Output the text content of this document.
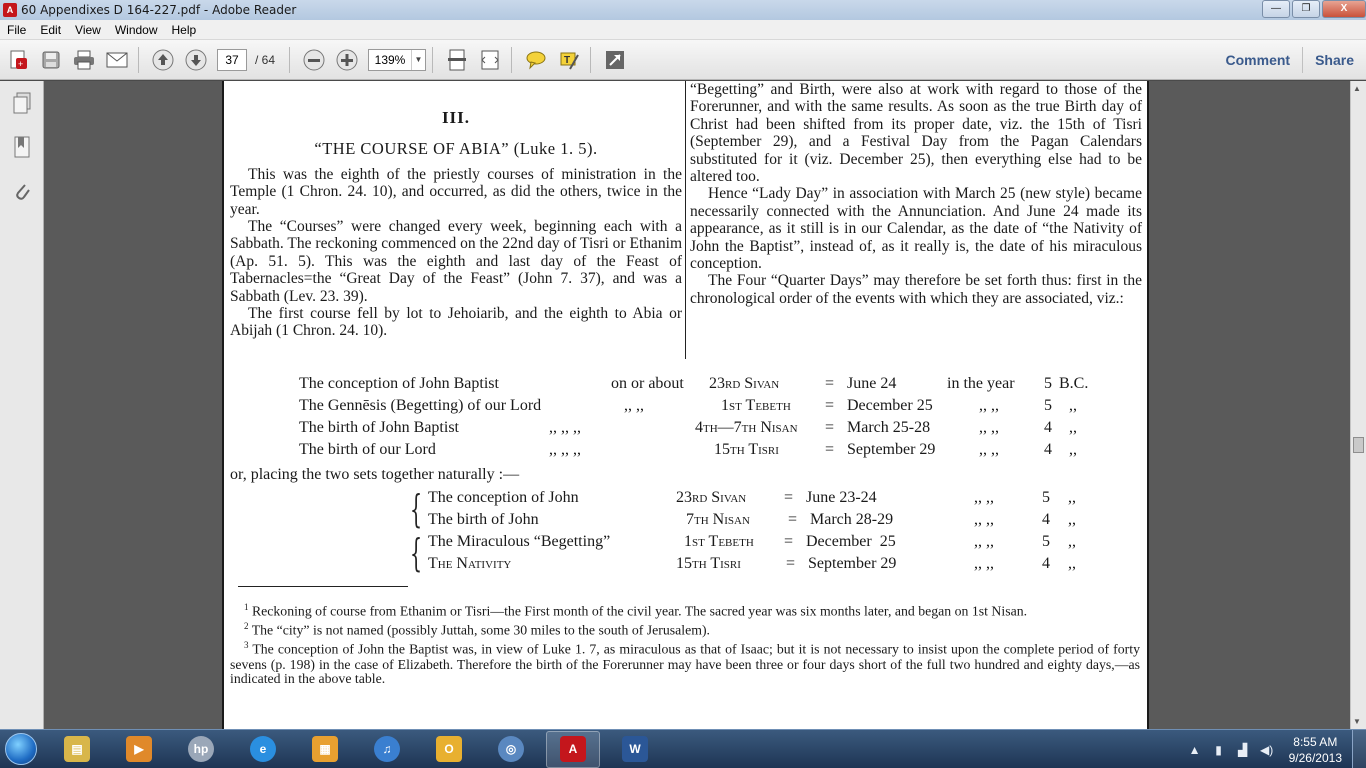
A 60 Appendixes D 164-227.pdf - Adobe Reader	—	❐	X
File	Edit	View	Window	Help
+	37	/ 64	139%	▼	T	Comment	Share
III.
“THE COURSE OF ABIA” (Luke 1. 5).

This was the eighth of the priestly courses of ministration in the Temple (1 Chron. 24. 10), and occurred, as did the others, twice in the year.

The “Courses” were changed every week, beginning each with a Sabbath. The reckoning commenced on the 22nd day of Tisri or Ethanim (Ap. 51. 5). This was the eighth and last day of the Feast of Tabernacles=the “Great Day of the Feast” (John 7. 37), and was a Sabbath (Lev. 23. 39).

The first course fell by lot to Jehoiarib, and the eighth to Abia or Abijah (1 Chron. 24. 10).

“Begetting” and Birth, were also at work with regard to those of the Forerunner, and with the same results. As soon as the true Birth day of Christ had been shifted from its proper date, viz. the 15th of Tisri (September 29), and a Festival Day from the Pagan Calendars substituted for it (viz. December 25), then everything else had to be altered too.

Hence “Lady Day” in association with March 25 (new style) became necessarily connected with the Annunciation. And June 24 made its appearance, as it still is in our Calendar, as the date of “the Nativity of John the Baptist”, instead of, as it really is, the date of his miraculous conception.

The Four “Quarter Days” may therefore be set forth thus: first in the chronological order of the events with which they are associated, viz.:

The conception of John Baptist	on or about 23rd Sivan	= June 24	in the year 5 B.C.
The Gennēsis (Begetting) of our Lord	,, ,,	1st Tebeth = December 25	,, ,,	5 ,,
The birth of John Baptist	,, ,, ,,	4th—7th Nisan = March 25-28	,, ,,	4 ,,
The birth of our Lord	,, ,, ,,	15th Tisri	= September 29	,, ,,	4 ,,
or, placing the two sets together naturally :—
{
{
The conception of John	23rd Sivan = June 23-24	,, ,,	5 ,,
The birth of John	7th Nisan = March 28-29	,, ,,	4 ,,
The Miraculous “Begetting”	1st Tebeth = December  25	,, ,,	5 ,,
The Nativity	15th Tisri	= September 29	,, ,,	4 ,,

$^1$ Reckoning of course from Ethanim or Tisri—the First month of the civil year. The sacred year was six months later, and began on 1st Nisan.

$^2$ The “city” is not named (possibly Juttah, some 30 miles to the south of Jerusalem).

$^3$ The conception of John the Baptist was, in view of Luke 1. 7, as miraculous as that of Isaac; but it is not necessary to insist upon the complete period of forty sevens (p. 198) in the case of Elizabeth. Therefore the birth of the Forerunner may have been three or four days short of the full two hundred and eighty days,—as indicated in the above table.

▲
▼
▤	▶	hp	e	▦	♫	O	◎	A	W	▲	▮	▟	◀)
8:55 AM
9/26/2013
